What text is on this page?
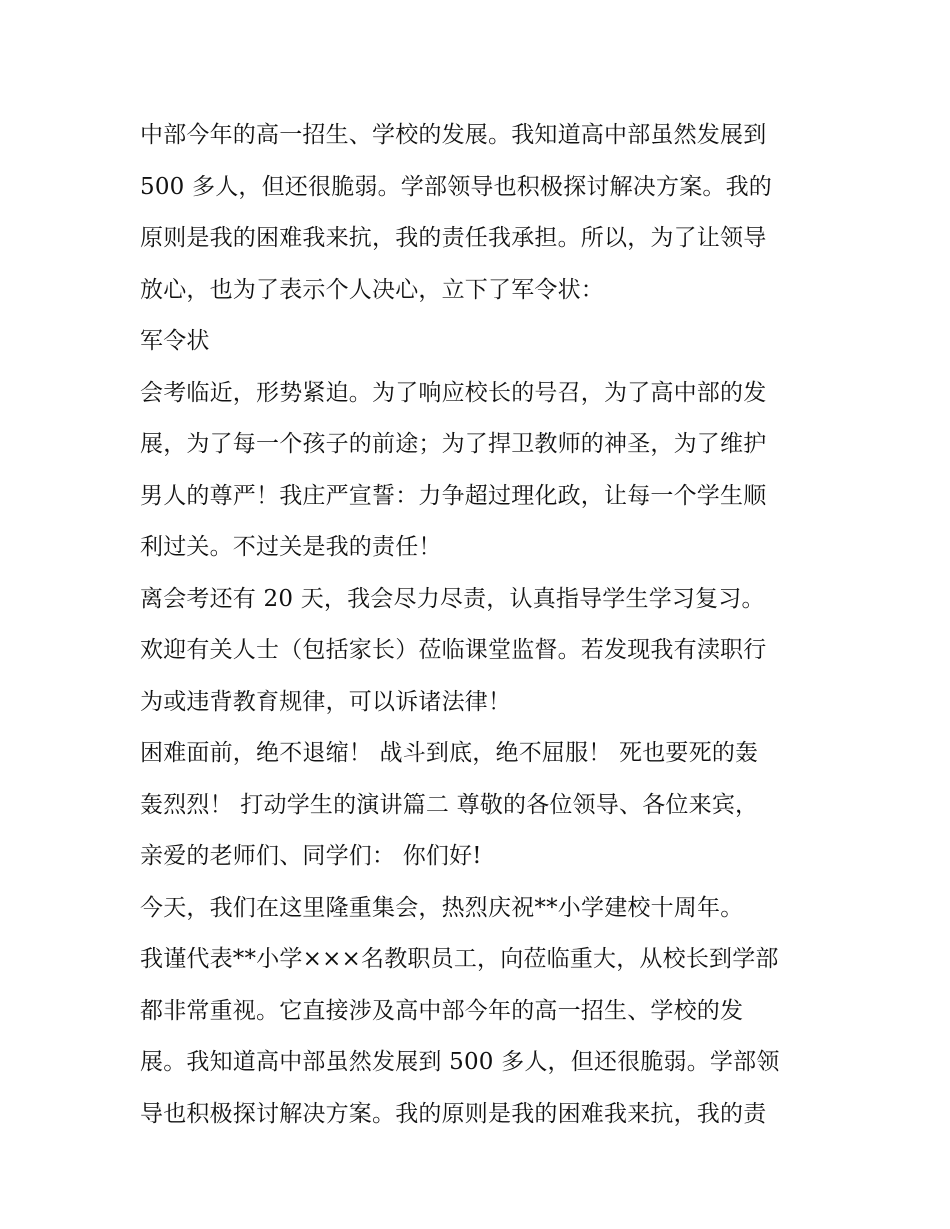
中部今年的高一招生、学校的发展。我知道高中部虽然发展到
500 多人，但还很脆弱。学部领导也积极探讨解决方案。我的
原则是我的困难我来抗，我的责任我承担。所以，为了让领导
放心，也为了表示个人决心，立下了军令状：
军令状
会考临近，形势紧迫。为了响应校长的号召，为了高中部的发
展，为了每一个孩子的前途；为了捍卫教师的神圣，为了维护
男人的尊严！我庄严宣誓：力争超过理化政，让每一个学生顺
利过关。不过关是我的责任！
离会考还有 20 天，我会尽力尽责，认真指导学生学习复习。
欢迎有关人士（包括家长）莅临课堂监督。若发现我有渎职行
为或违背教育规律，可以诉诸法律！
困难面前，绝不退缩！ 战斗到底，绝不屈服！ 死也要死的轰
轰烈烈！ 打动学生的演讲篇二 尊敬的各位领导、各位来宾，
亲爱的老师们、同学们： 你们好!
今天，我们在这里隆重集会，热烈庆祝**小学建校十周年。
我谨代表**小学×××名教职员工，向莅临重大，从校长到学部
都非常重视。它直接涉及高中部今年的高一招生、学校的发
展。我知道高中部虽然发展到 500 多人，但还很脆弱。学部领
导也积极探讨解决方案。我的原则是我的困难我来抗，我的责
